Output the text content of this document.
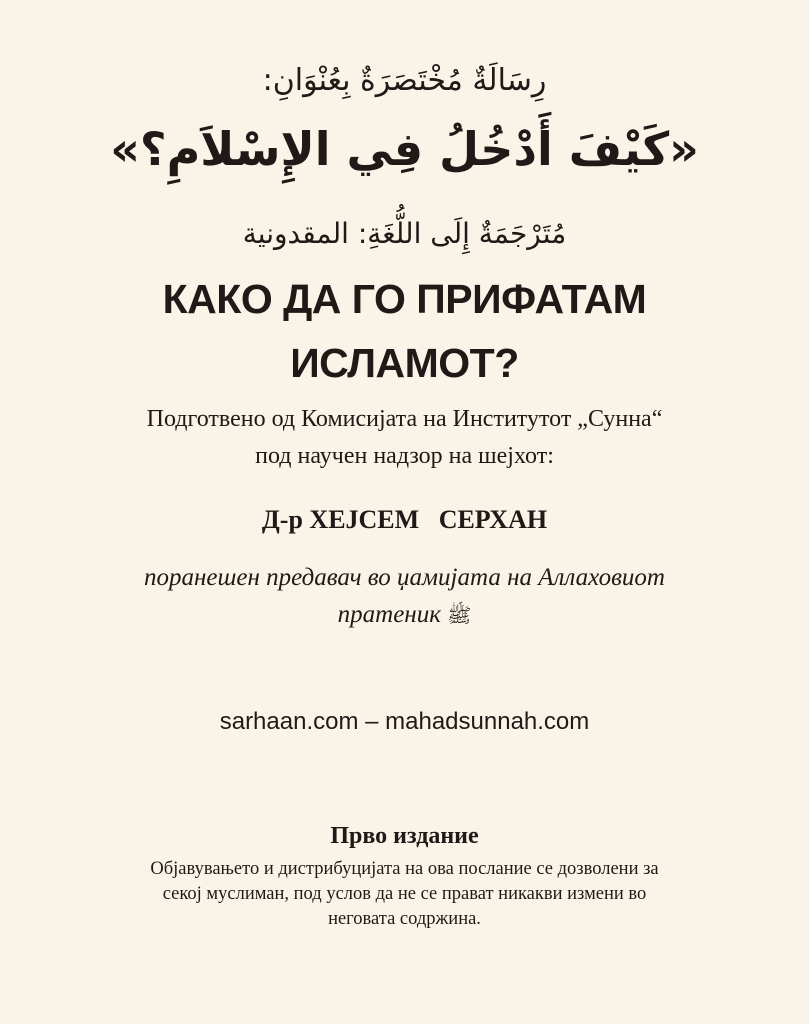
رِسَالَةٌ مُخْتَصَرَةٌ بِعُنْوَانِ:
«كَيْفَ أَدْخُلُ فِي الإِسْلاَمِ؟»
مُتَرْجَمَةٌ إِلَى اللُّغَةِ: المقدونية
КАКО ДА ГО ПРИФАТАМ
ИСЛАМОТ?
Подготвено од Комисијата на Институтот „Сунна“
под научен надзор на шејхот:
Д-р ХЕЈСЕМ   СЕРХАН
поранешен предавач во џамијата на Аллаховиот
пратеник ﷺ
sarhaan.com – mahadsunnah.com
Прво издание
Објавувањето и дистрибуцијата на ова послание се дозволени за
секој муслиман, под услов да не се прават никакви измени во
неговата содржина.
